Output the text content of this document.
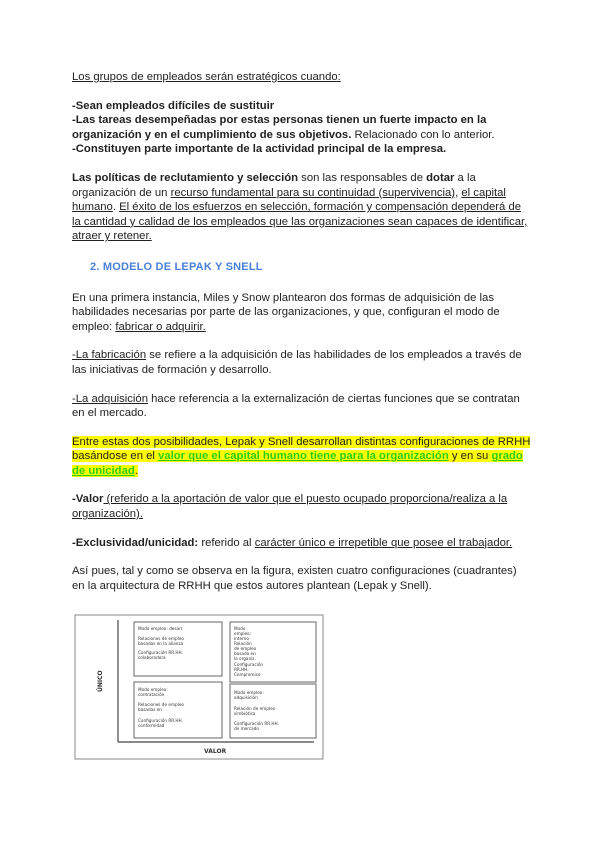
Los grupos de empleados serán estratégicos cuando:

-Sean empleados difíciles de sustituir

-Las tareas desempeñadas por estas personas tienen un fuerte impacto en la organización y en el cumplimiento de sus objetivos. Relacionado con lo anterior.

-Constituyen parte importante de la actividad principal de la empresa.

Las políticas de reclutamiento y selección son las responsables de dotar a la organización de un recurso fundamental para su continuidad (supervivencia), el capital humano. El éxito de los esfuerzos en selección, formación y compensación dependerá de la cantidad y calidad de los empleados que las organizaciones sean capaces de identificar, atraer y retener.

2. MODELO DE LEPAK Y SNELL

En una primera instancia, Miles y Snow plantearon dos formas de adquisición de las habilidades necesarias por parte de las organizaciones, y que, configuran el modo de empleo: fabricar o adquirir.

-La fabricación se refiere a la adquisición de las habilidades de los empleados a través de las iniciativas de formación y desarrollo.

-La adquisición hace referencia a la externalización de ciertas funciones que se contratan en el mercado.

Entre estas dos posibilidades, Lepak y Snell desarrollan distintas configuraciones de RRHH basándose en el valor que el capital humano tiene para la organización y en su grado de unicidad.

-Valor (referido a la aportación de valor que el puesto ocupado proporciona/realiza a la organización).

-Exclusividad/unicidad: referido al carácter único e irrepetible que posee el trabajador.

Así pues, tal y como se observa en la figura, existen cuatro configuraciones (cuadrantes) en la arquitectura de RRHH que estos autores plantean (Lepak y Snell).

ÚNICO
VALOR
Modo empleo: desarr.
Relaciones de empleo
basadas en la alianza
Configuración RR.HH.
colaboradora
Modo
empleo:
interno
Relación
de empleo
basada en
la organiz.
Configuración
RR.HH.
Compromiso
Modo empleo:
contratación
Relaciones de empleo
basadas en
Configuración RR.HH.
conformidad
Modo empleo:
adquisición
Relación de empleo
simbiótica
Configuración RR.HH.
de mercado
